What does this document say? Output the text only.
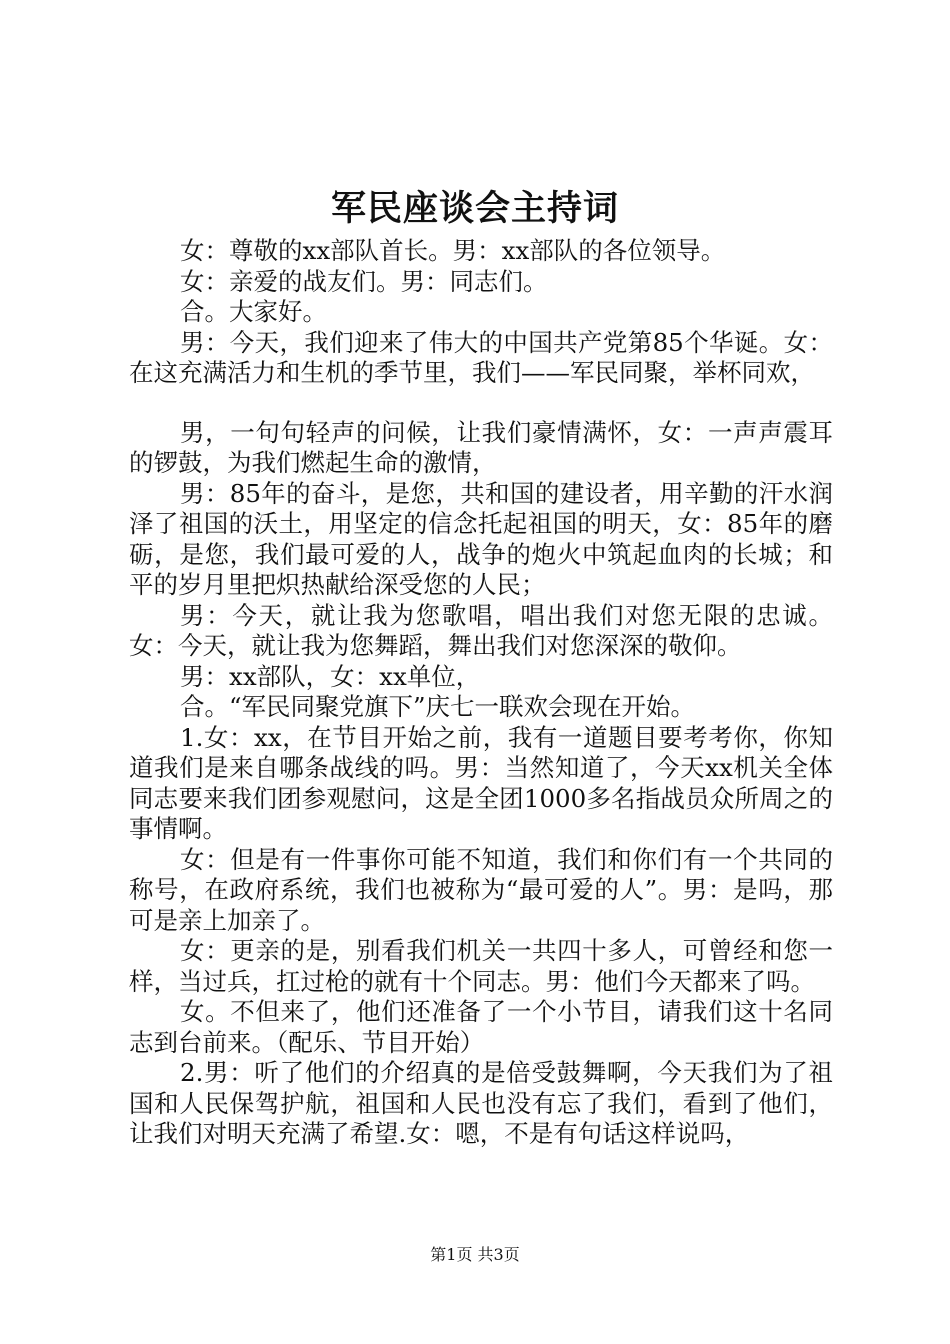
军民座谈会主持词

女：尊敬的xx部队首长。男：xx部队的各位领导。

女：亲爱的战友们。男：同志们。

合。大家好。

男：今天，我们迎来了伟大的中国共产党第85个华诞。女：在这充满活力和生机的季节里，我们——军民同聚，举杯同欢，

男，一句句轻声的问候，让我们豪情满怀，女：一声声震耳的锣鼓，为我们燃起生命的激情，

男：85年的奋斗，是您，共和国的建设者，用辛勤的汗水润泽了祖国的沃土，用坚定的信念托起祖国的明天，女：85年的磨砺，是您，我们最可爱的人，战争的炮火中筑起血肉的长城；和平的岁月里把炽热献给深受您的人民；

男：今天，就让我为您歌唱，唱出我们对您无限的忠诚。女：今天，就让我为您舞蹈，舞出我们对您深深的敬仰。

男：xx部队，女：xx单位，

合。“军民同聚党旗下”庆七一联欢会现在开始。

1.女：xx，在节目开始之前，我有一道题目要考考你，你知道我们是来自哪条战线的吗。男：当然知道了，今天xx机关全体同志要来我们团参观慰问，这是全团1000多名指战员众所周之的事情啊。

女：但是有一件事你可能不知道，我们和你们有一个共同的称号，在政府系统，我们也被称为“最可爱的人”。男：是吗，那可是亲上加亲了。

女：更亲的是，别看我们机关一共四十多人，可曾经和您一样，当过兵，扛过枪的就有十个同志。男：他们今天都来了吗。

女。不但来了，他们还准备了一个小节目，请我们这十名同志到台前来。（配乐、节目开始）

2.男：听了他们的介绍真的是倍受鼓舞啊，今天我们为了祖国和人民保驾护航，祖国和人民也没有忘了我们，看到了他们，让我们对明天充满了希望.女：嗯，不是有句话这样说吗，

第1页 共3页
